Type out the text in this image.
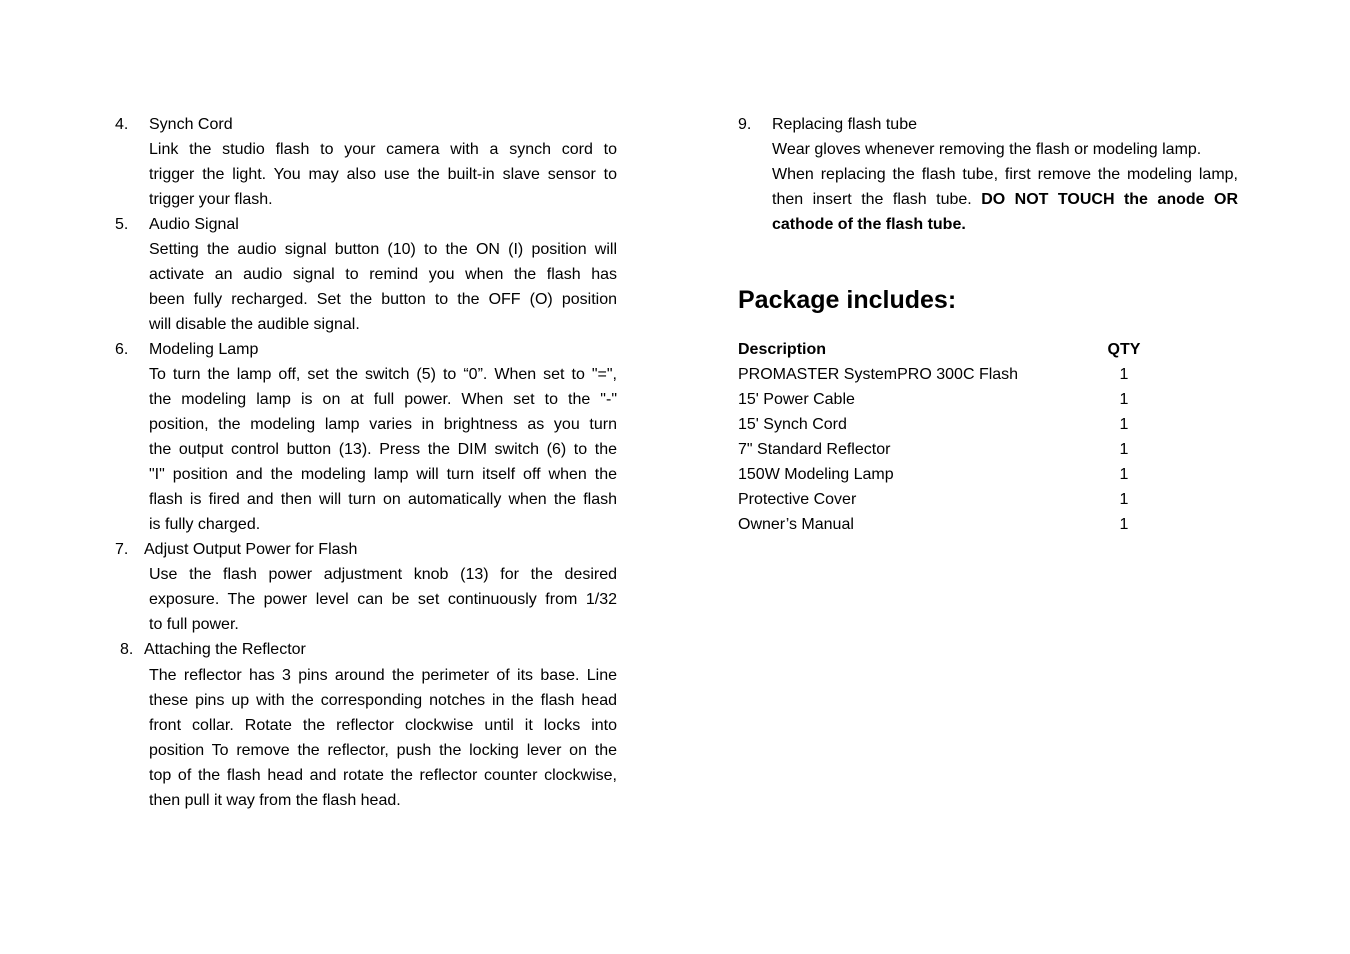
4.	Synch Cord
Link the studio flash to your camera with a synch cord to
trigger the light. You may also use the built-in slave sensor to
trigger your flash.
5.	Audio Signal
Setting the audio signal button (10) to the ON (I) position will
activate an audio signal to remind you when the flash has
been fully recharged. Set the button to the OFF (O) position
will disable the audible signal.
6.	Modeling Lamp
To turn the lamp off, set the switch (5) to “0”. When set to "=",
the modeling lamp is on at full power. When set to the "-"
position, the modeling lamp varies in brightness as you turn
the output control button (13). Press the DIM switch (6) to the
"I" position and the modeling lamp will turn itself off when the
flash is fired and then will turn on automatically when the flash
is fully charged.
7. Adjust Output Power for Flash
Use the flash power adjustment knob (13) for the desired
exposure. The power level can be set continuously from 1/32
to full power.
8. Attaching the Reflector
The reflector has 3 pins around the perimeter of its base. Line
these pins up with the corresponding notches in the flash head
front collar. Rotate the reflector clockwise until it locks into
position To remove the reflector, push the locking lever on the
top of the flash head and rotate the reflector counter clockwise,
then pull it way from the flash head.
9.	Replacing flash tube
Wear gloves whenever removing the flash or modeling lamp.
When replacing the flash tube, first remove the modeling lamp,
then insert the flash tube. DO NOT TOUCH the anode OR
cathode of the flash tube.
Package includes:
Description	QTY
PROMASTER SystemPRO 300C Flash	1
15' Power Cable	1
15' Synch Cord	1
7" Standard Reflector	1
150W Modeling Lamp	1
Protective Cover	1
Owner’s Manual	1
